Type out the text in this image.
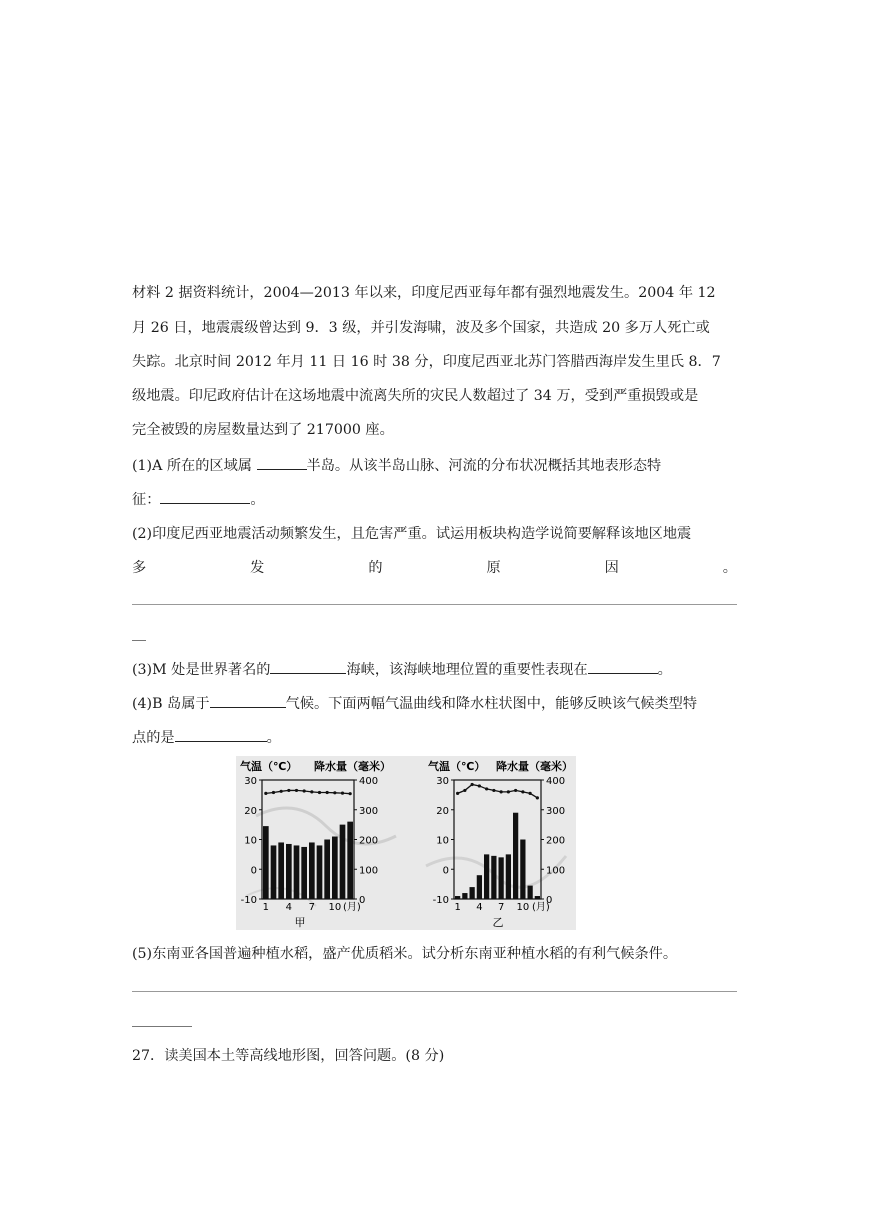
材料 2 据资料统计，2004—2013 年以来，印度尼西亚每年都有强烈地震发生。2004 年 12
月 26 日，地震震级曾达到 9．3 级，并引发海啸，波及多个国家，共造成 20 多万人死亡或
失踪。北京时间 2012 年月 11 日 16 时 38 分，印度尼西亚北苏门答腊西海岸发生里氏 8．7
级地震。印尼政府估计在这场地震中流离失所的灾民人数超过了 34 万，受到严重损毁或是
完全被毁的房屋数量达到了 217000 座。
(1)A 所在的区域属	半岛。从该半岛山脉、河流的分布状况概括其地表形态特
征：	。
(2)印度尼西亚地震活动频繁发生，且危害严重。试运用板块构造学说简要解释该地区地震
多	发	的	原	因	。
(3)M 处是世界著名的	海峡，该海峡地理位置的重要性表现在	。
(4)B 岛属于	气候。下面两幅气温曲线和降水柱状图中，能够反映该气候类型特
点的是	。
气温（℃） 降水量（毫米）
-10
0
10
20
30
0
100
200
300
400
1 4 7 10 (月)
甲
气温（℃） 降水量（毫米）
-10
0
10
20
30
0
100
200
300
400
1 4 7 10 (月)
乙
(5)东南亚各国普遍种植水稻，盛产优质稻米。试分析东南亚种植水稻的有利气候条件。
27．读美国本土等高线地形图，回答问题。(8 分)
